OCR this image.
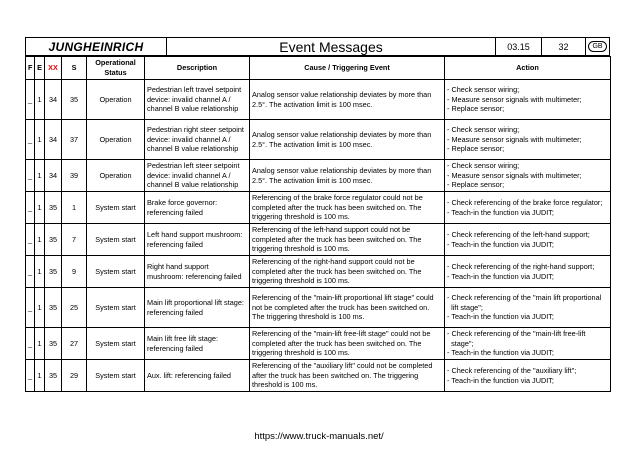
JUNGHEINRICH	Event Messages	03.15	32	GB
F	E	XX	S	Operational Status	Description	Cause / Triggering Event	Action
_	1	34	35	Operation	Pedestrian left travel setpoint device: invalid channel A / channel B value relationship	Analog sensor value relationship deviates by more than 2.5°. The activation limit is 100 msec.	- Check sensor wiring;
- Measure sensor signals with multimeter;
- Replace sensor;
_	1	34	37	Operation	Pedestrian right steer setpoint device: invalid channel A / channel B value relationship	Analog sensor value relationship deviates by more than 2.5°. The activation limit is 100 msec.	- Check sensor wiring;
- Measure sensor signals with multimeter;
- Replace sensor;
_	1	34	39	Operation	Pedestrian left steer setpoint device: invalid channel A / channel B value relationship	Analog sensor value relationship deviates by more than 2.5°. The activation limit is 100 msec.	- Check sensor wiring;
- Measure sensor signals with multimeter;
- Replace sensor;
_	1	35	1	System start	Brake force governor: referencing failed	Referencing of the brake force regulator could not be completed after the truck has been switched on. The triggering threshold is 100 ms.	- Check referencing of the brake force regulator;
- Teach-in the function via JUDIT;
_	1	35	7	System start	Left hand support mushroom: referencing failed	Referencing of the left-hand support could not be completed after the truck has been switched on. The triggering threshold is 100 ms.	- Check referencing of the left-hand support;
- Teach-in the function via JUDIT;
_	1	35	9	System start	Right hand support mushroom: referencing failed	Referencing of the right-hand support could not be completed after the truck has been switched on. The triggering threshold is 100 ms.	- Check referencing of the right-hand support;
- Teach-in the function via JUDIT;
_	1	35	25	System start	Main lift proportional lift stage: referencing failed	Referencing of the "main-lift proportional lift stage" could not be completed after the truck has been switched on. The triggering threshold is 100 ms.	- Check referencing of the "main lift proportional
lift stage";
- Teach-in the function via JUDIT;
_	1	35	27	System start	Main lift free lift stage: referencing failed	Referencing of the "main-lift free-lift stage" could not be completed after the truck has been switched on. The triggering threshold is 100 ms.	- Check referencing of the "main-lift free-lift
stage";
- Teach-in the function via JUDIT;
_	1	35	29	System start	Aux. lift: referencing failed	Referencing of the "auxiliary lift" could not be completed after the truck has been switched on. The triggering threshold is 100 ms.	- Check referencing of the "auxiliary lift";
- Teach-in the function via JUDIT;
https://www.truck-manuals.net/
